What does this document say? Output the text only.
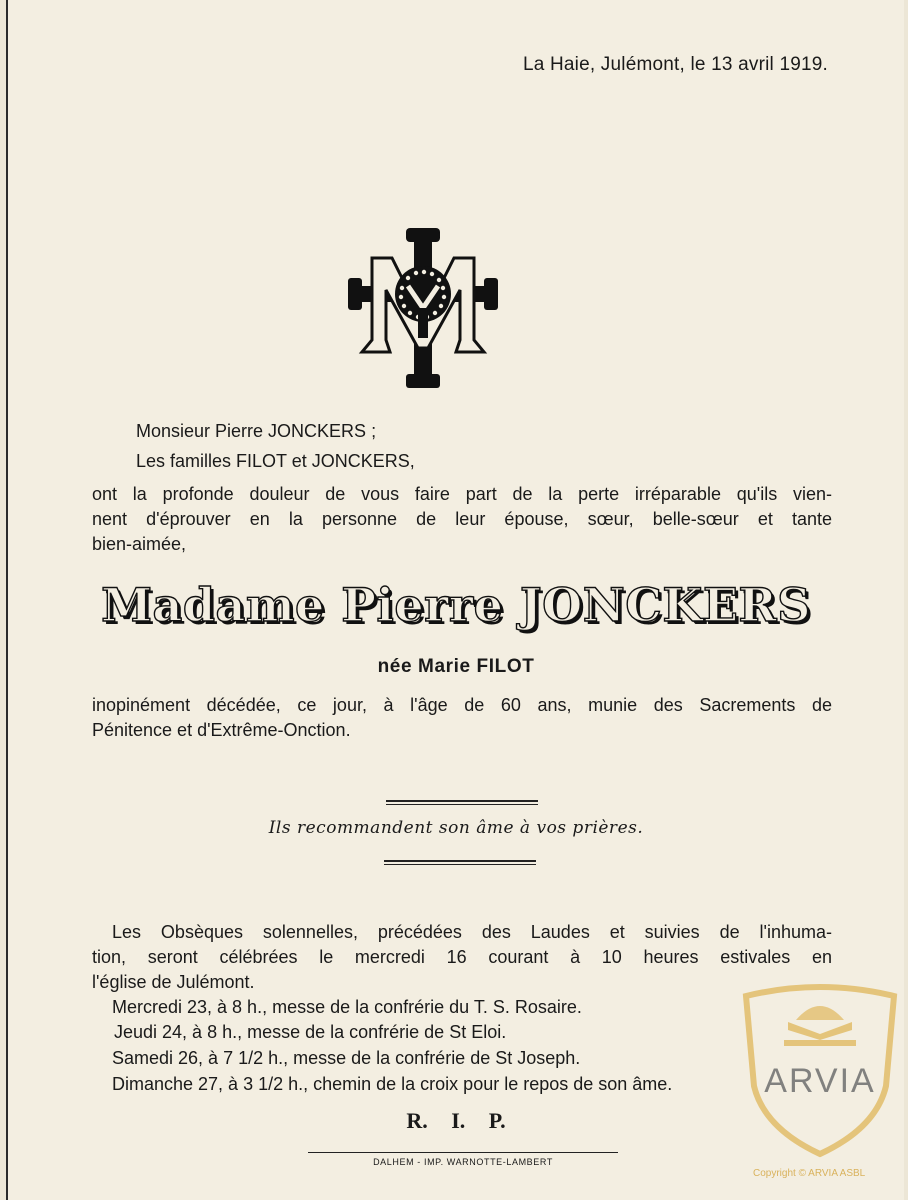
La Haie, Julémont, le 13 avril 1919.
Monsieur Pierre JONCKERS ;
Les familles FILOT et JONCKERS,
ont la profonde douleur de vous faire part de la perte irréparable qu'ils vien-
nent d'éprouver en la personne de leur épouse, sœur, belle-sœur et tante
bien-aimée,
Madame Pierre JONCKERS
née Marie FILOT
inopinément décédée, ce jour, à l'âge de 60 ans, munie des Sacrements de
Pénitence et d'Extrême-Onction.
Ils recommandent son âme à vos prières.
Les Obsèques solennelles, précédées des Laudes et suivies de l'inhuma-
tion, seront célébrées le mercredi 16 courant à 10 heures estivales en
l'église de Julémont.
Mercredi 23, à 8 h., messe de la confrérie du T. S. Rosaire.
Jeudi 24, à 8 h., messe de la confrérie de St Eloi.
Samedi 26, à 7 1/2 h., messe de la confrérie de St Joseph.
Dimanche 27, à 3 1/2 h., chemin de la croix pour le repos de son âme.
R. I. P.
DALHEM - IMP. WARNOTTE-LAMBERT
ARVIA
Copyright © ARVIA ASBL
